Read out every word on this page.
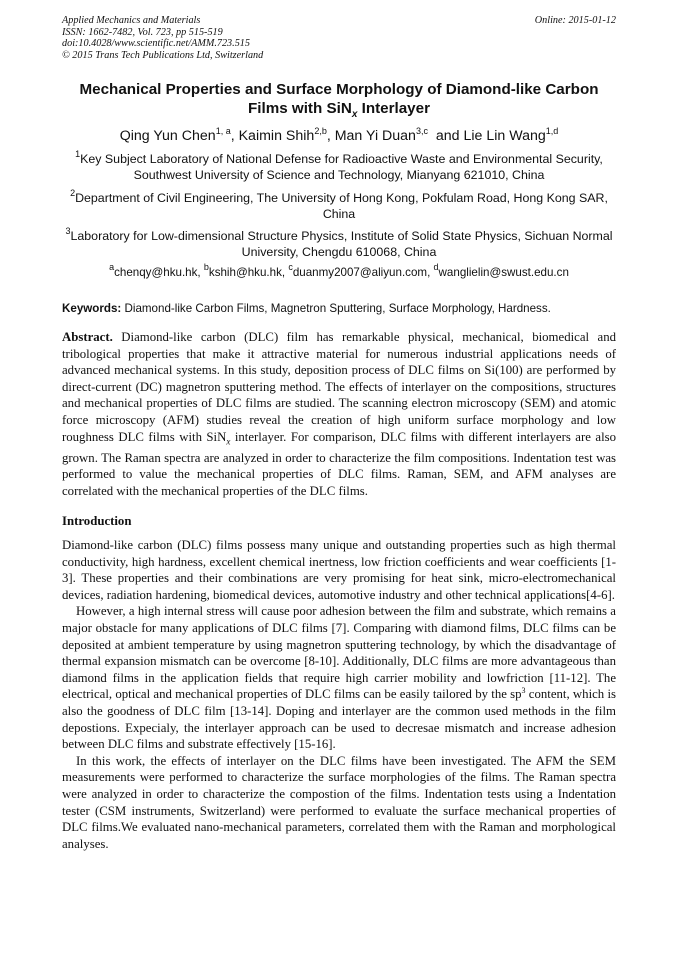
Applied Mechanics and Materials
ISSN: 1662-7482, Vol. 723, pp 515-519
doi:10.4028/www.scientific.net/AMM.723.515
© 2015 Trans Tech Publications Ltd, Switzerland
Online: 2015-01-12
Mechanical Properties and Surface Morphology of Diamond-like Carbon
Films with SiN$_x$ Interlayer
Qing Yun Chen$^{1, a}$, Kaimin Shih$^{2,b}$, Man Yi Duan$^{3,c}$  and Lie Lin Wang$^{1,d}$
$^1$Key Subject Laboratory of National Defense for Radioactive Waste and Environmental Security, Southwest University of Science and Technology, Mianyang 621010, China
$^2$Department of Civil Engineering, The University of Hong Kong, Pokfulam Road, Hong Kong SAR, China
$^3$Laboratory for Low-dimensional Structure Physics, Institute of Solid State Physics, Sichuan Normal University, Chengdu 610068, China
$^a$chenqy@hku.hk, $^b$kshih@hku.hk, $^c$duanmy2007@aliyun.com, $^d$wanglielin@swust.edu.cn
Keywords: Diamond-like Carbon Films, Magnetron Sputtering, Surface Morphology, Hardness.

Abstract. Diamond-like carbon (DLC) film has remarkable physical, mechanical, biomedical and tribological properties that make it attractive material for numerous industrial applications needs of advanced mechanical systems. In this study, deposition process of DLC films on Si(100) are performed by direct-current (DC) magnetron sputtering method. The effects of interlayer on the compositions, structures and mechanical properties of DLC films are studied. The scanning electron microscopy (SEM) and atomic force microscopy (AFM) studies reveal the creation of high uniform surface morphology and low roughness DLC films with SiN$_x$ interlayer. For comparison, DLC films with different interlayers are also grown. The Raman spectra are analyzed in order to characterize the film compositions. Indentation test was performed to value the mechanical properties of DLC films. Raman, SEM, and AFM analyses are correlated with the mechanical properties of the DLC films.

Introduction

Diamond-like carbon (DLC) films possess many unique and outstanding properties such as high thermal conductivity, high hardness, excellent chemical inertness, low friction coefficients and wear coefficients [1-3]. These properties and their combinations are very promising for heat sink, micro-electromechanical devices, radiation hardening, biomedical devices, automotive industry and other technical applications[4-6].

However, a high internal stress will cause poor adhesion between the film and substrate, which remains a major obstacle for many applications of DLC films [7]. Comparing with diamond films, DLC films can be deposited at ambient temperature by using magnetron sputtering technology, by which the disadvantage of thermal expansion mismatch can be overcome [8-10]. Additionally, DLC films are more advantageous than diamond films in the application fields that require high carrier mobility and lowfriction [11-12]. The electrical, optical and mechanical properties of DLC films can be easily tailored by the $sp^3$ content, which is also the goodness of DLC film [13-14]. Doping and interlayer are the common used methods in the film depostions. Expecialy, the interlayer approach can be used to decresae mismatch and increase adhesion between DLC films and substrate effectively [15-16].

In this work, the effects of interlayer on the DLC films have been investigated. The AFM the SEM measurements were performed to characterize the surface morphologies of the films. The Raman spectra were analyzed in order to characterize the compostion of the films. Indentation tests using a Indentation tester (CSM instruments, Switzerland) were performed to evaluate the surface mechanical properties of DLC films.We evaluated nano-mechanical parameters, correlated them with the Raman and morphological analyses.
